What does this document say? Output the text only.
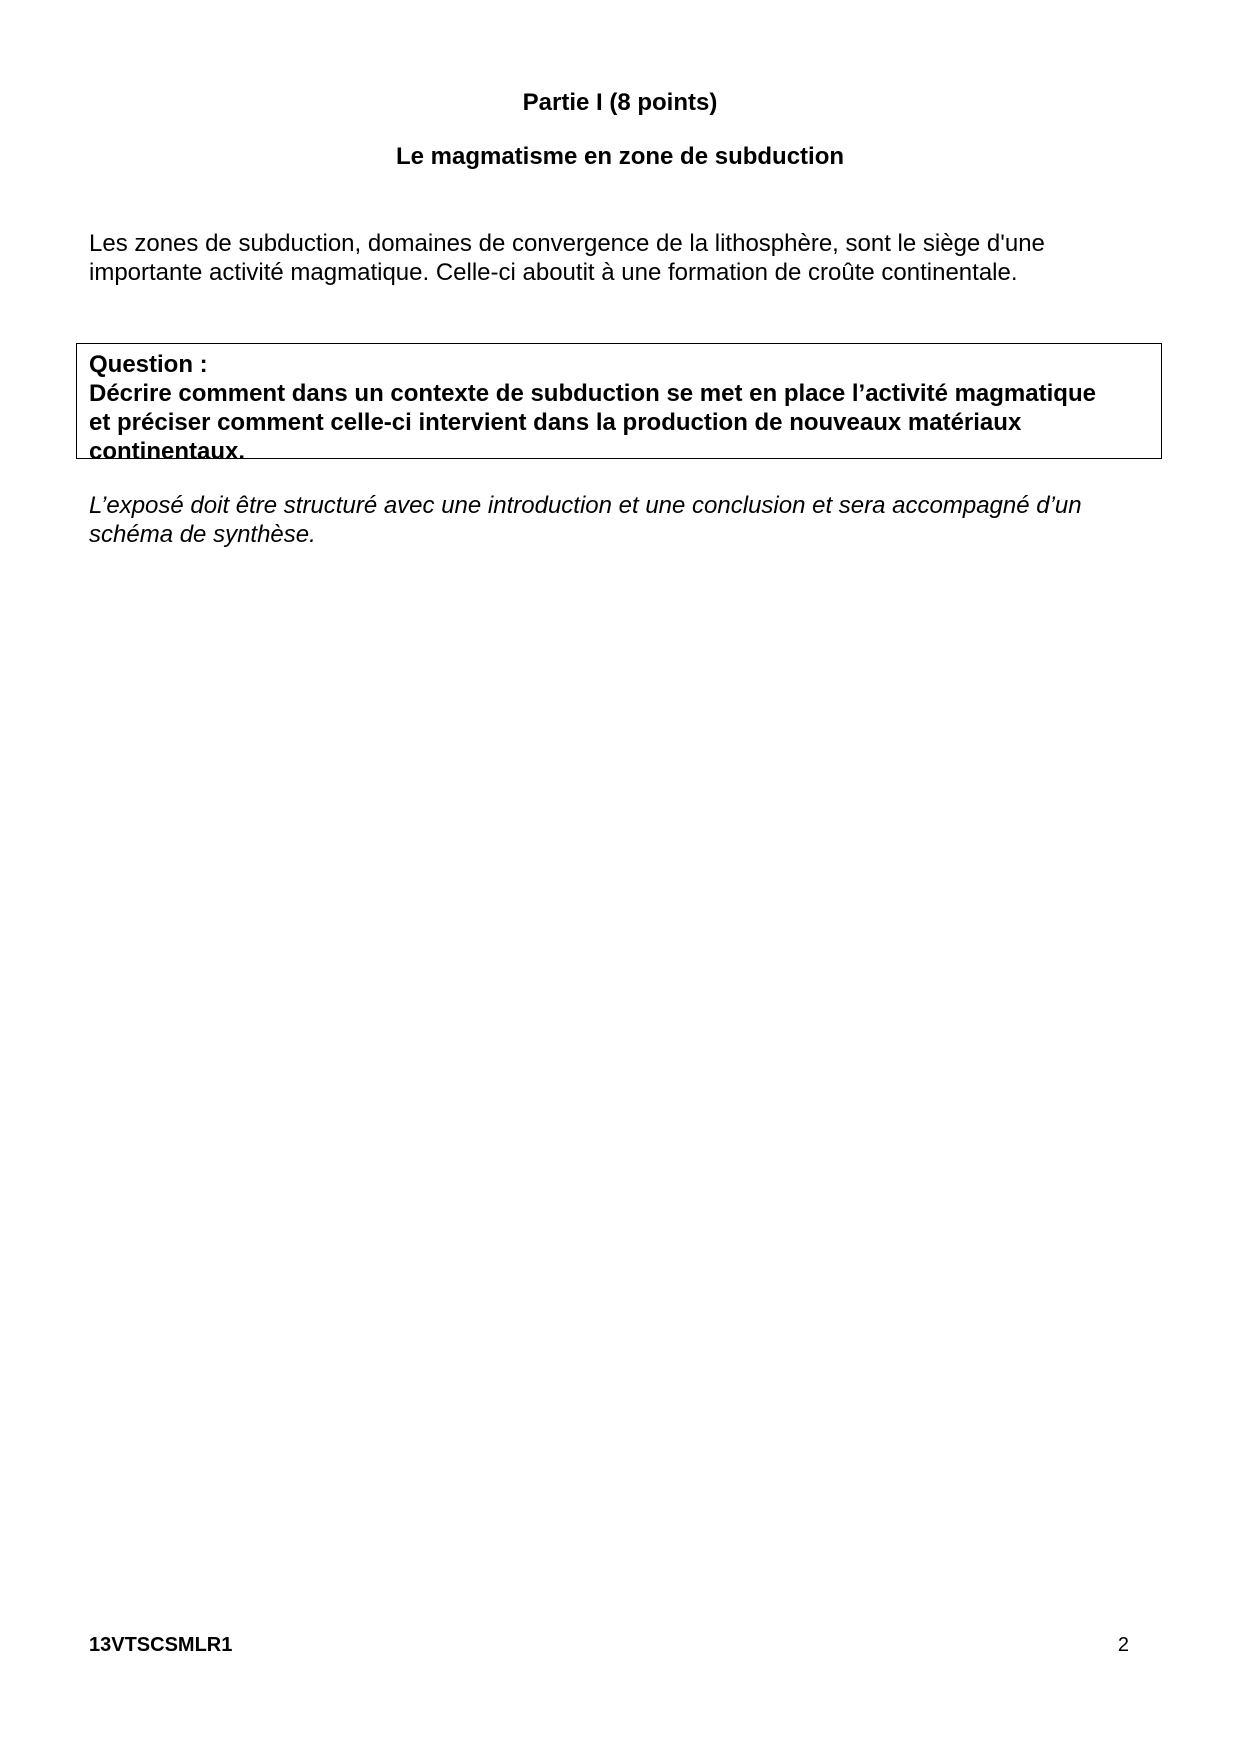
Partie I (8 points)
Le magmatisme en zone de subduction

Les zones de subduction, domaines de convergence de la lithosphère, sont le siège d'une
importante activité magmatique. Celle-ci aboutit à une formation de croûte continentale.

Question :
Décrire comment dans un contexte de subduction se met en place l’activité magmatique
et préciser comment celle-ci intervient dans la production de nouveaux matériaux
continentaux.

L’exposé doit être structuré avec une introduction et une conclusion et sera accompagné d’un
schéma de synthèse.

13VTSCSMLR1	2
